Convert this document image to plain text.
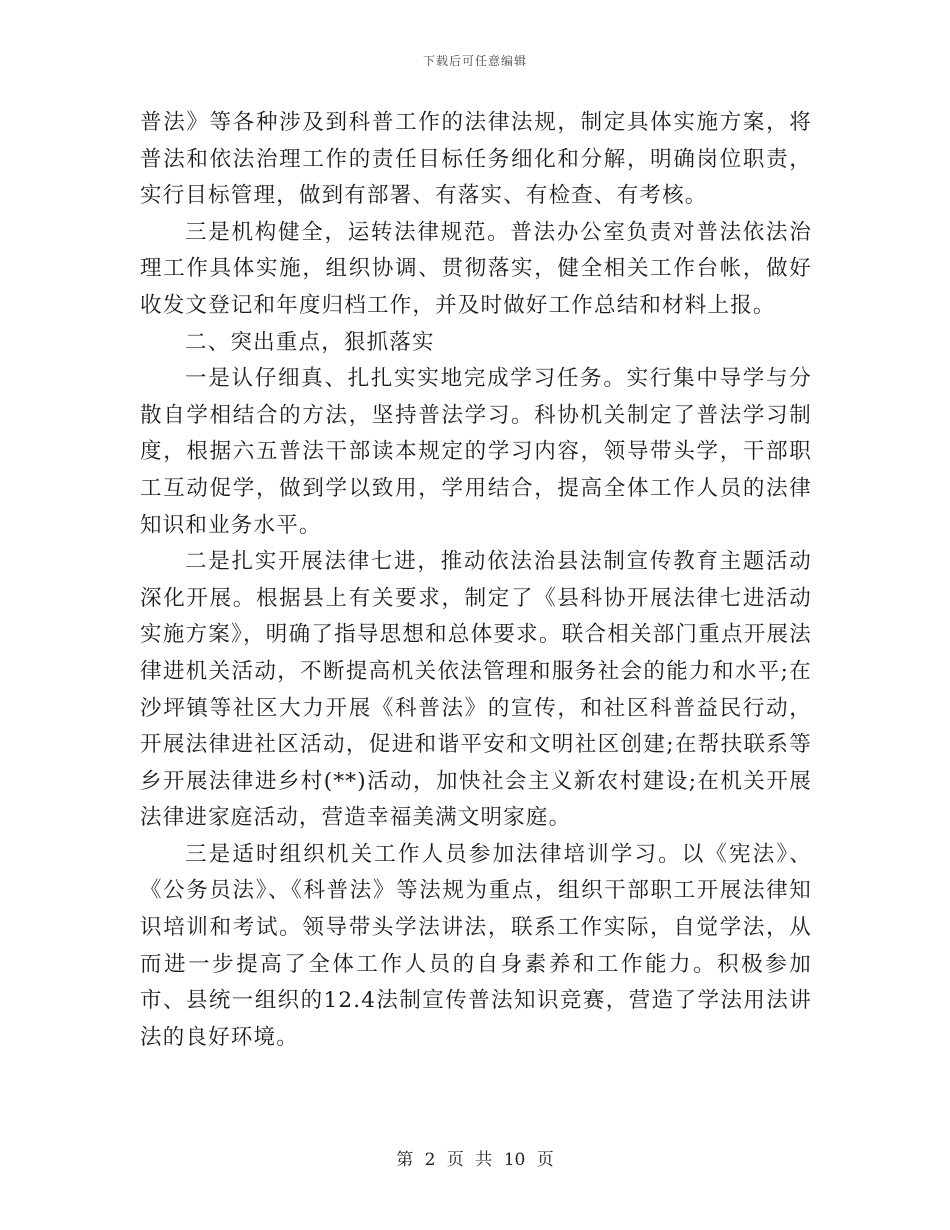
下载后可任意编辑

普法》等各种涉及到科普工作的法律法规，制定具体实施方案，将普法和依法治理工作的责任目标任务细化和分解，明确岗位职责，实行目标管理，做到有部署、有落实、有检查、有考核。

三是机构健全，运转法律规范。普法办公室负责对普法依法治理工作具体实施，组织协调、贯彻落实，健全相关工作台帐，做好收发文登记和年度归档工作，并及时做好工作总结和材料上报。

二、突出重点，狠抓落实

一是认仔细真、扎扎实实地完成学习任务。实行集中导学与分散自学相结合的方法，坚持普法学习。科协机关制定了普法学习制度，根据六五普法干部读本规定的学习内容，领导带头学，干部职工互动促学，做到学以致用，学用结合，提高全体工作人员的法律知识和业务水平。

二是扎实开展法律七进，推动依法治县法制宣传教育主题活动深化开展。根据县上有关要求，制定了《县科协开展法律七进活动实施方案》，明确了指导思想和总体要求。联合相关部门重点开展法律进机关活动，不断提高机关依法管理和服务社会的能力和水平;在沙坪镇等社区大力开展《科普法》的宣传，和社区科普益民行动，开展法律进社区活动，促进和谐平安和文明社区创建;在帮扶联系等乡开展法律进乡村(**)活动，加快社会主义新农村建设;在机关开展法律进家庭活动，营造幸福美满文明家庭。

三是适时组织机关工作人员参加法律培训学习。以《宪法》、《公务员法》、《科普法》等法规为重点，组织干部职工开展法律知识培训和考试。领导带头学法讲法，联系工作实际，自觉学法，从而进一步提高了全体工作人员的自身素养和工作能力。积极参加市、县统一组织的12.4法制宣传普法知识竞赛，营造了学法用法讲法的良好环境。

第 2 页 共 10 页
